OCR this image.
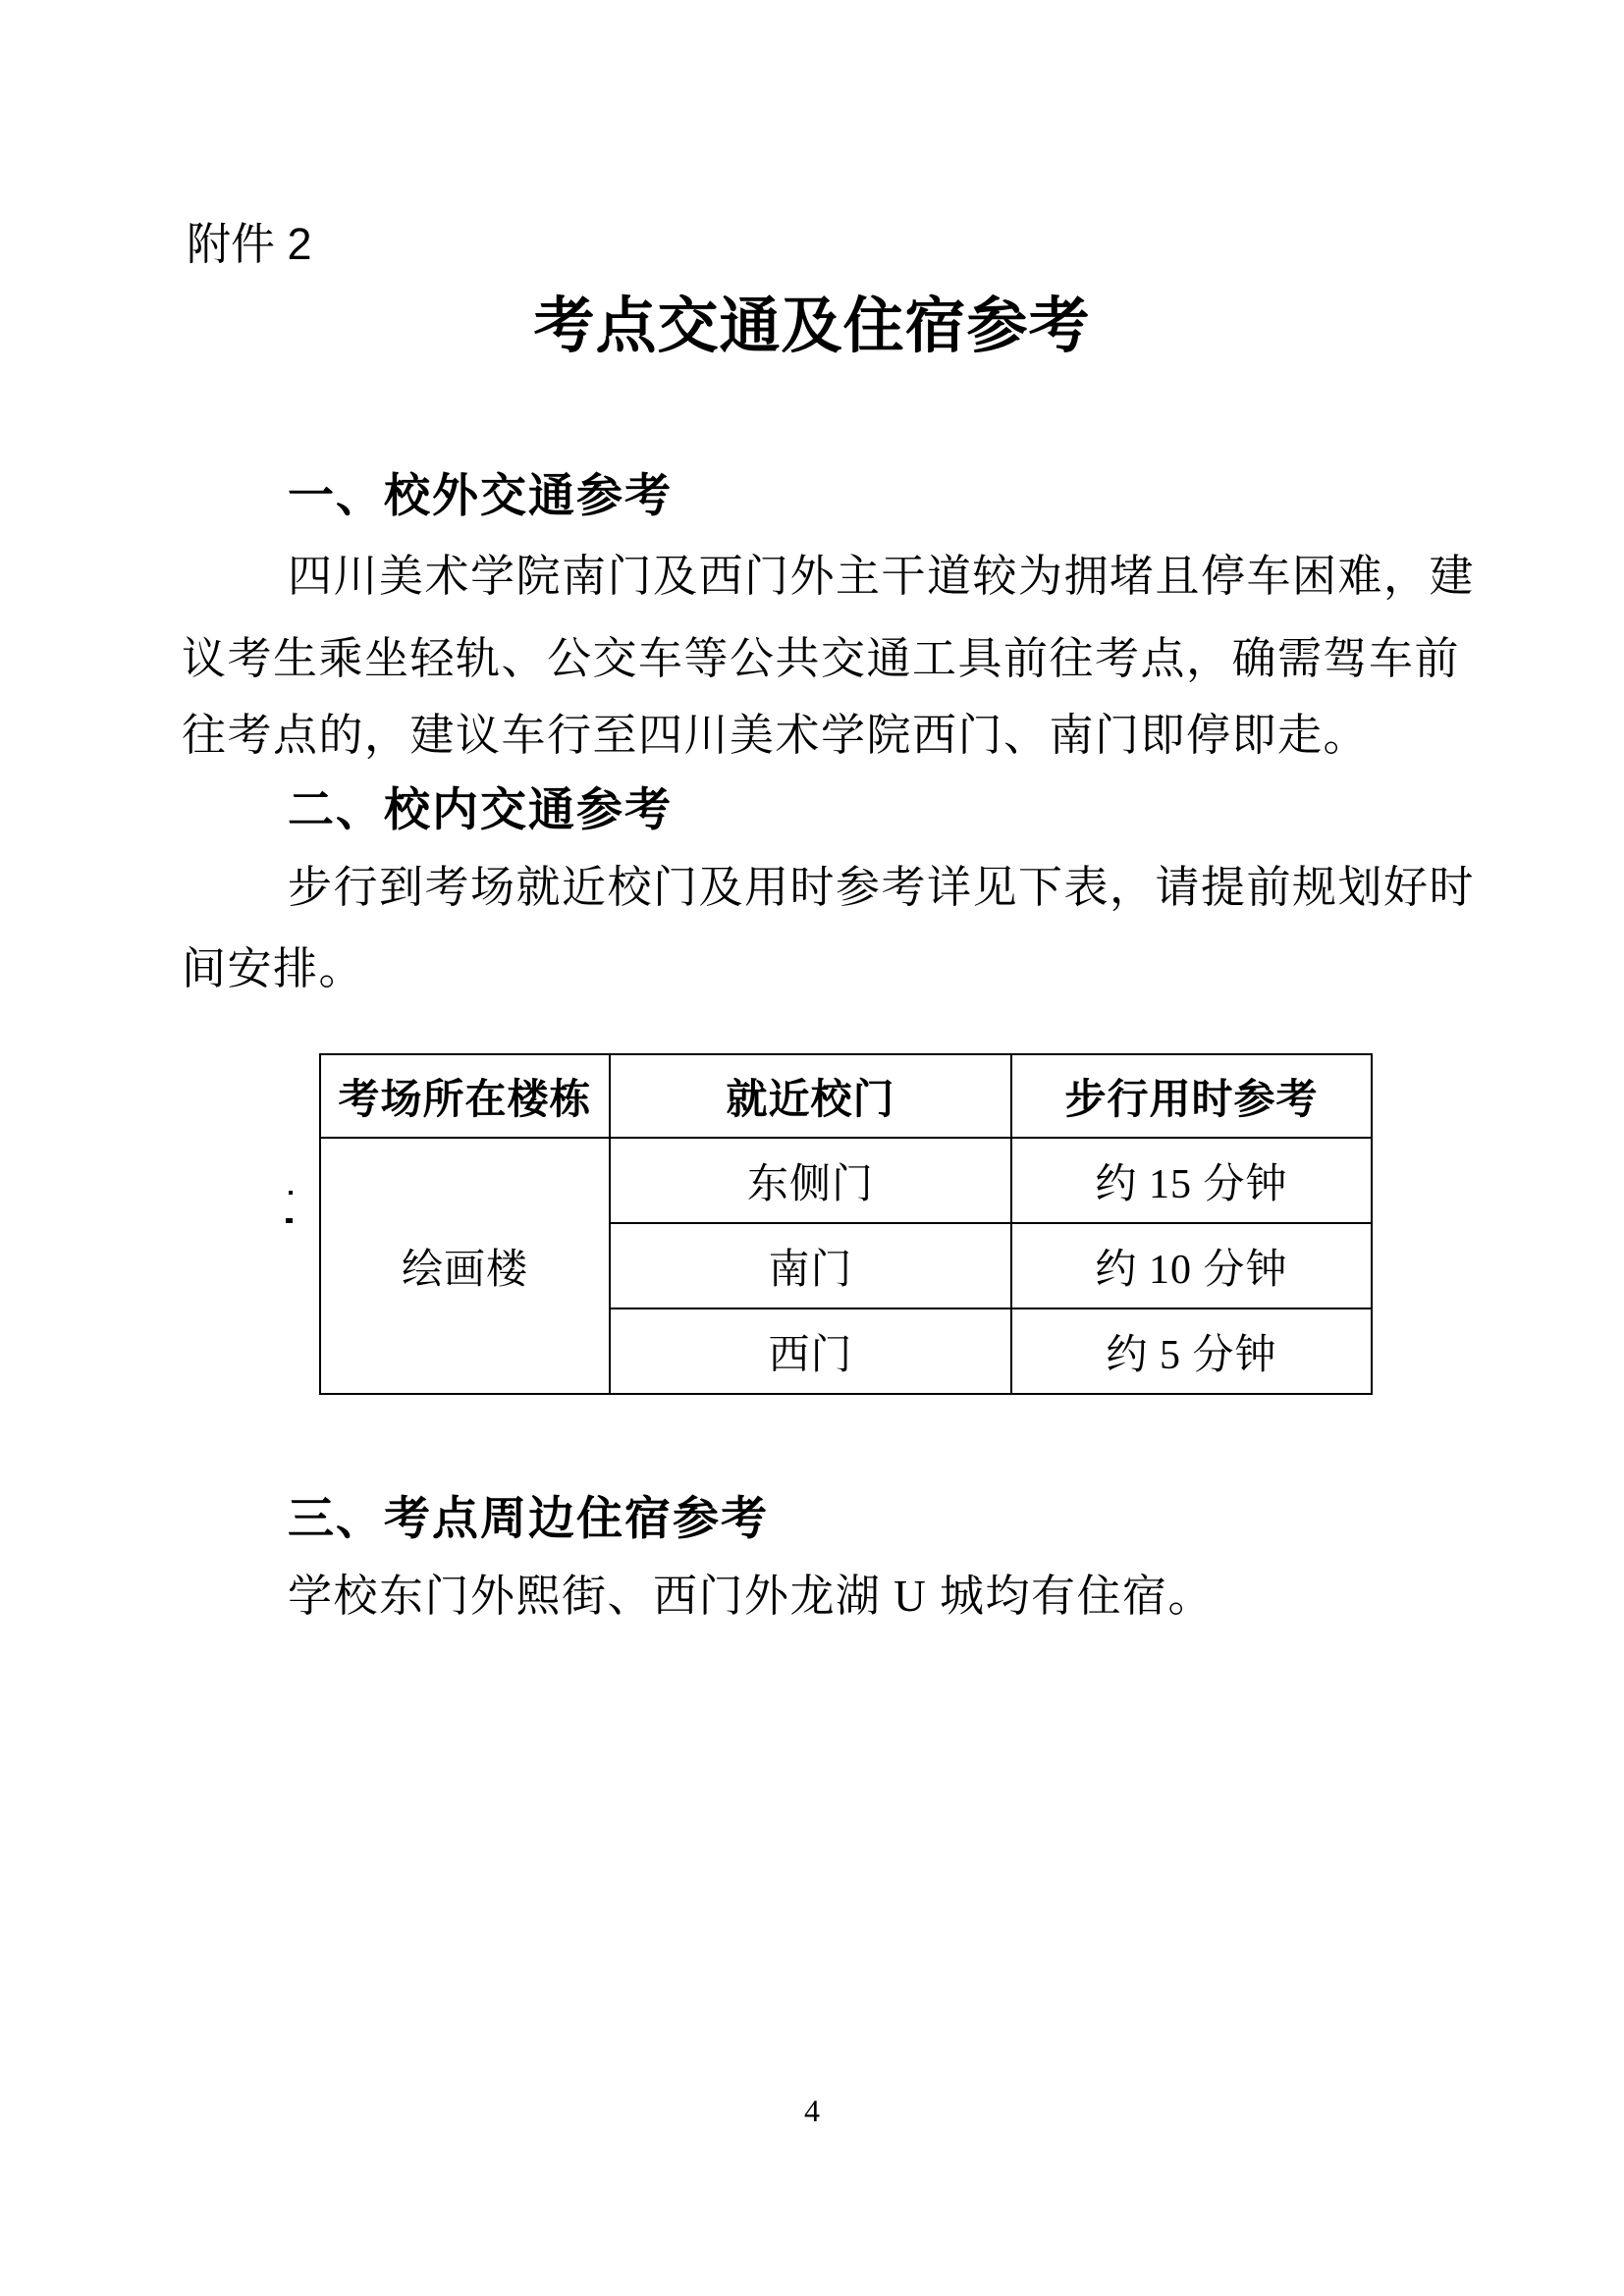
附件 2
考点交通及住宿参考
一、校外交通参考
四川美术学院南门及西门外主干道较为拥堵且停车困难，建
议考生乘坐轻轨、公交车等公共交通工具前往考点，确需驾车前
往考点的，建议车行至四川美术学院西门、南门即停即走。
二、校内交通参考
步行到考场就近校门及用时参考详见下表，请提前规划好时
间安排。
考场所在楼栋	就近校门	步行用时参考
绘画楼	东侧门	约 15 分钟
	南门	约 10 分钟
	西门	约 5 分钟
三、考点周边住宿参考
学校东门外熙街、西门外龙湖 U 城均有住宿。
4
